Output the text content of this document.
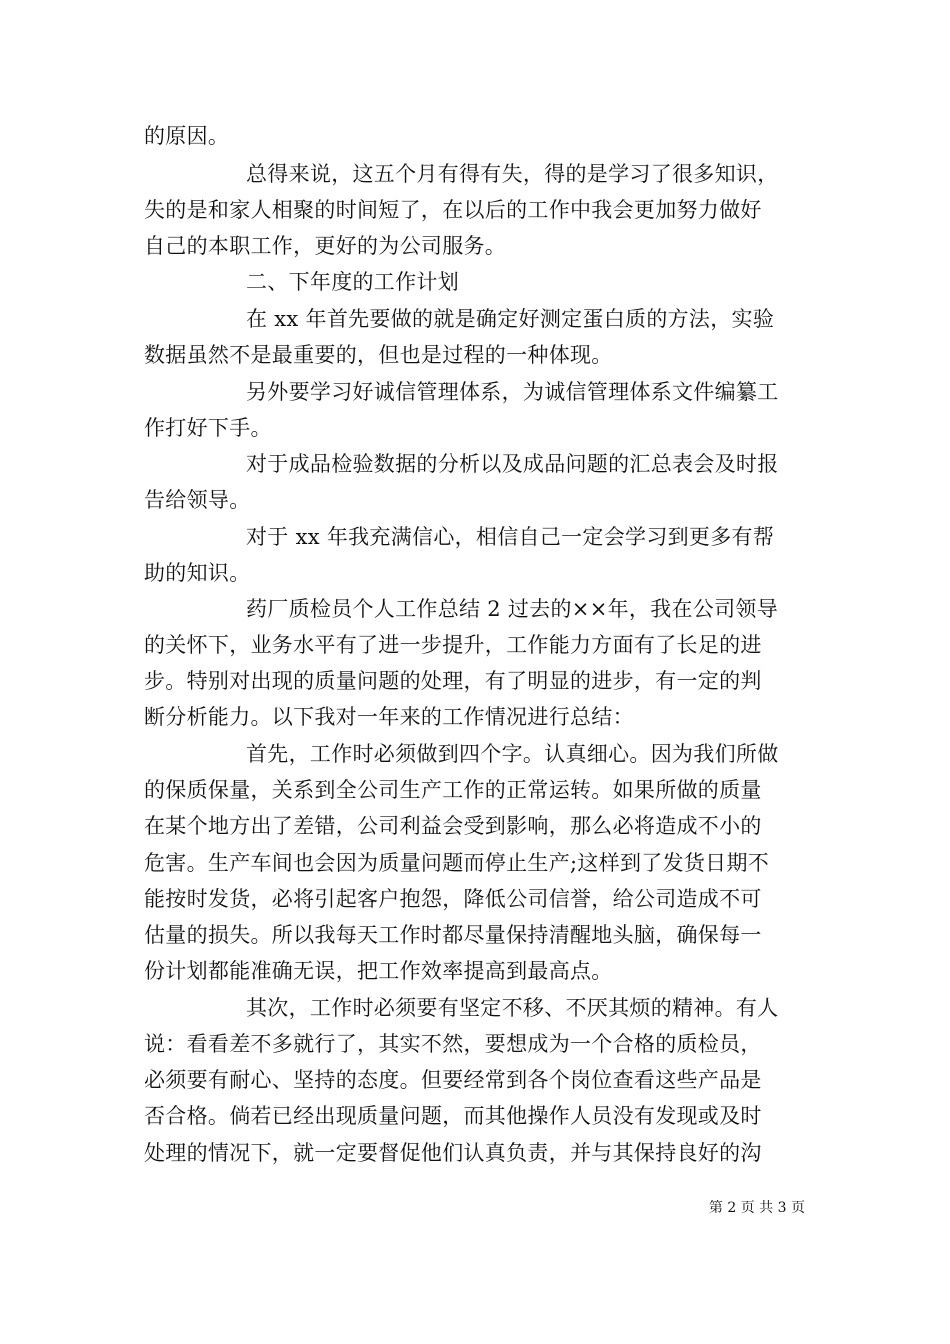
的原因。
总得来说，这五个月有得有失，得的是学习了很多知识，
失的是和家人相聚的时间短了，在以后的工作中我会更加努力做好
自己的本职工作，更好的为公司服务。
二、下年度的工作计划
在 xx 年首先要做的就是确定好测定蛋白质的方法，实验
数据虽然不是最重要的，但也是过程的一种体现。
另外要学习好诚信管理体系，为诚信管理体系文件编纂工
作打好下手。
对于成品检验数据的分析以及成品问题的汇总表会及时报
告给领导。
对于 xx 年我充满信心，相信自己一定会学习到更多有帮
助的知识。
药厂质检员个人工作总结 2 过去的××年，我在公司领导
的关怀下，业务水平有了进一步提升，工作能力方面有了长足的进
步。特别对出现的质量问题的处理，有了明显的进步，有一定的判
断分析能力。以下我对一年来的工作情况进行总结：
首先，工作时必须做到四个字。认真细心。因为我们所做
的保质保量，关系到全公司生产工作的正常运转。如果所做的质量
在某个地方出了差错，公司利益会受到影响，那么必将造成不小的
危害。生产车间也会因为质量问题而停止生产;这样到了发货日期不
能按时发货，必将引起客户抱怨，降低公司信誉，给公司造成不可
估量的损失。所以我每天工作时都尽量保持清醒地头脑，确保每一
份计划都能准确无误，把工作效率提高到最高点。
其次，工作时必须要有坚定不移、不厌其烦的精神。有人
说：看看差不多就行了，其实不然，要想成为一个合格的质检员，
必须要有耐心、坚持的态度。但要经常到各个岗位查看这些产品是
否合格。倘若已经出现质量问题，而其他操作人员没有发现或及时
处理的情况下，就一定要督促他们认真负责，并与其保持良好的沟
第 2 页 共 3 页
